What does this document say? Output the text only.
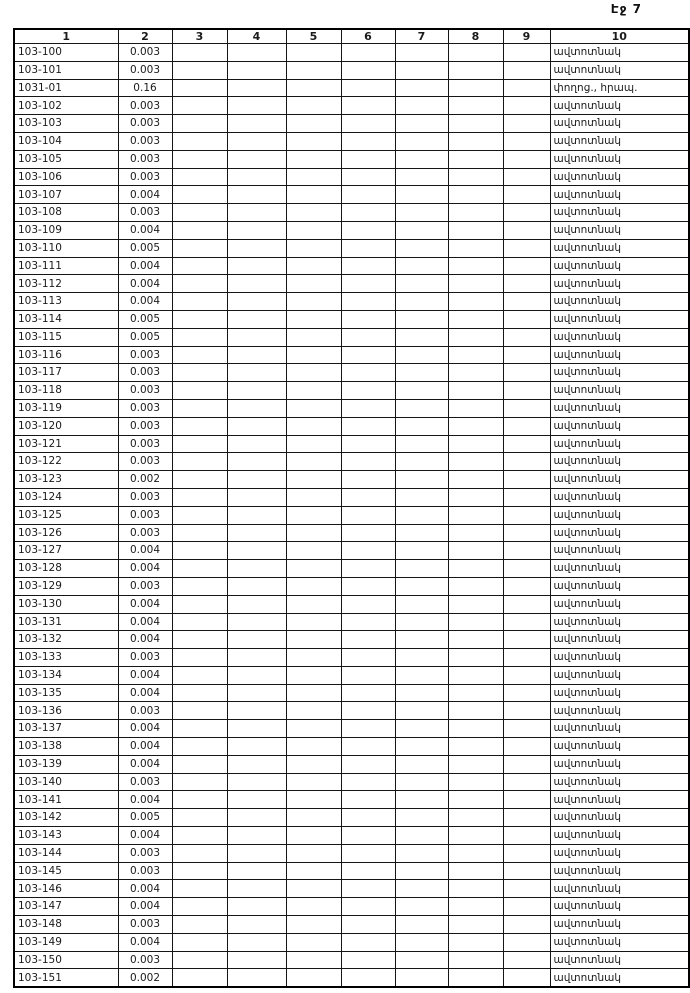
Էջ 7
1	2	3	4	5	6	7	8	9	10
103-100	0.003								ավտոտնակ
103-101	0.003								ավտոտնակ
1031-01	0.16								փողոց., հրապ.
103-102	0.003								ավտոտնակ
103-103	0.003								ավտոտնակ
103-104	0.003								ավտոտնակ
103-105	0.003								ավտոտնակ
103-106	0.003								ավտոտնակ
103-107	0.004								ավտոտնակ
103-108	0.003								ավտոտնակ
103-109	0.004								ավտոտնակ
103-110	0.005								ավտոտնակ
103-111	0.004								ավտոտնակ
103-112	0.004								ավտոտնակ
103-113	0.004								ավտոտնակ
103-114	0.005								ավտոտնակ
103-115	0.005								ավտոտնակ
103-116	0.003								ավտոտնակ
103-117	0.003								ավտոտնակ
103-118	0.003								ավտոտնակ
103-119	0.003								ավտոտնակ
103-120	0.003								ավտոտնակ
103-121	0.003								ավտոտնակ
103-122	0.003								ավտոտնակ
103-123	0.002								ավտոտնակ
103-124	0.003								ավտոտնակ
103-125	0.003								ավտոտնակ
103-126	0.003								ավտոտնակ
103-127	0.004								ավտոտնակ
103-128	0.004								ավտոտնակ
103-129	0.003								ավտոտնակ
103-130	0.004								ավտոտնակ
103-131	0.004								ավտոտնակ
103-132	0.004								ավտոտնակ
103-133	0.003								ավտոտնակ
103-134	0.004								ավտոտնակ
103-135	0.004								ավտոտնակ
103-136	0.003								ավտոտնակ
103-137	0.004								ավտոտնակ
103-138	0.004								ավտոտնակ
103-139	0.004								ավտոտնակ
103-140	0.003								ավտոտնակ
103-141	0.004								ավտոտնակ
103-142	0.005								ավտոտնակ
103-143	0.004								ավտոտնակ
103-144	0.003								ավտոտնակ
103-145	0.003								ավտոտնակ
103-146	0.004								ավտոտնակ
103-147	0.004								ավտոտնակ
103-148	0.003								ավտոտնակ
103-149	0.004								ավտոտնակ
103-150	0.003								ավտոտնակ
103-151	0.002								ավտոտնակ
